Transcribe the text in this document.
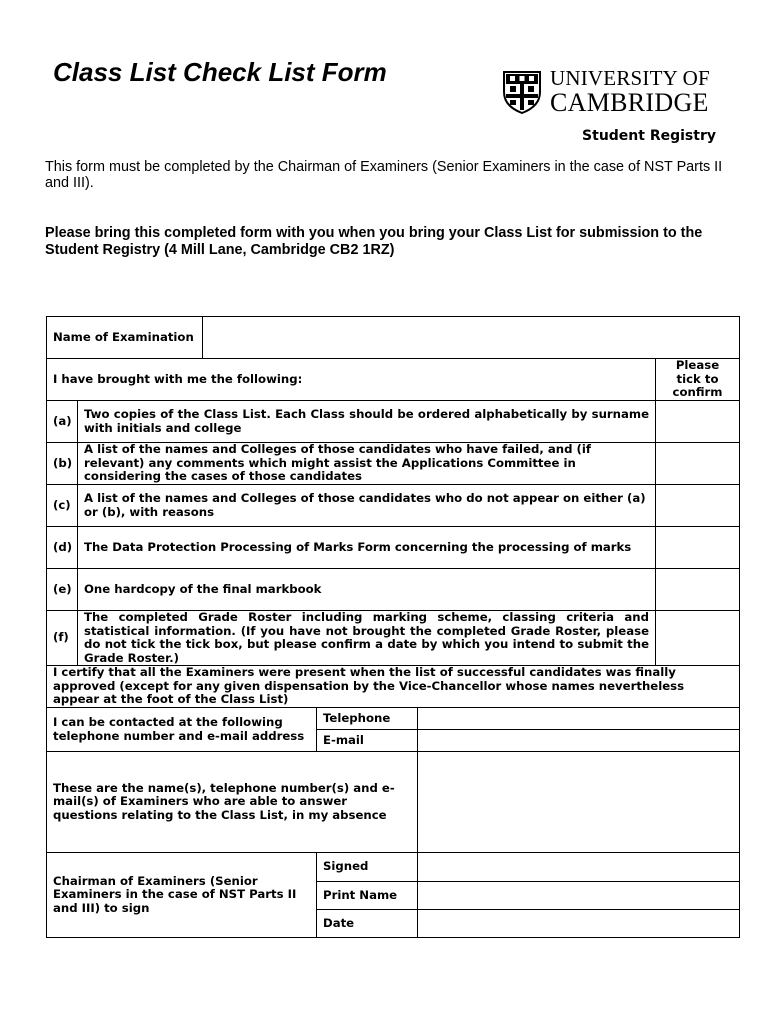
Class List Check List Form	UNIVERSITY OF
CAMBRIDGE
Student Registry
This form must be completed by the Chairman of Examiners (Senior Examiners in the case of NST Parts II and III).
Please bring this completed form with you when you bring your Class List for submission to the Student Registry (4 Mill Lane, Cambridge CB2 1RZ)
Name of Examination					
I have brought with me the following:					Please tick to confirm
(a)	Two copies of the Class List. Each Class should be ordered alphabetically by surname with initials and college				
(b)	A list of the names and Colleges of those candidates who have failed, and (if relevant) any comments which might assist the Applications Committee in considering the cases of those candidates				
(c)	A list of the names and Colleges of those candidates who do not appear on either (a) or (b), with reasons				
(d)	The Data Protection Processing of Marks Form concerning the processing of marks				
(e)	One hardcopy of the final markbook				
(f)	The completed Grade Roster including marking scheme, classing criteria and statistical information. (If you have not brought the completed Grade Roster, please do not tick the tick box, but please confirm a date by which you intend to submit the Grade Roster.)				
I certify that all the Examiners were present when the list of successful candidates was finally approved (except for any given dispensation by the Vice-Chancellor whose names nevertheless appear at the foot of the Class List)					
I can be contacted at the following telephone number and e-mail address			Telephone		
			E-mail		
These are the name(s), telephone number(s) and e-mail(s) of Examiners who are able to answer questions relating to the Class List, in my absence					
Chairman of Examiners (Senior Examiners in the case of NST Parts II and III) to sign			Signed		
			Print Name		
			Date		
